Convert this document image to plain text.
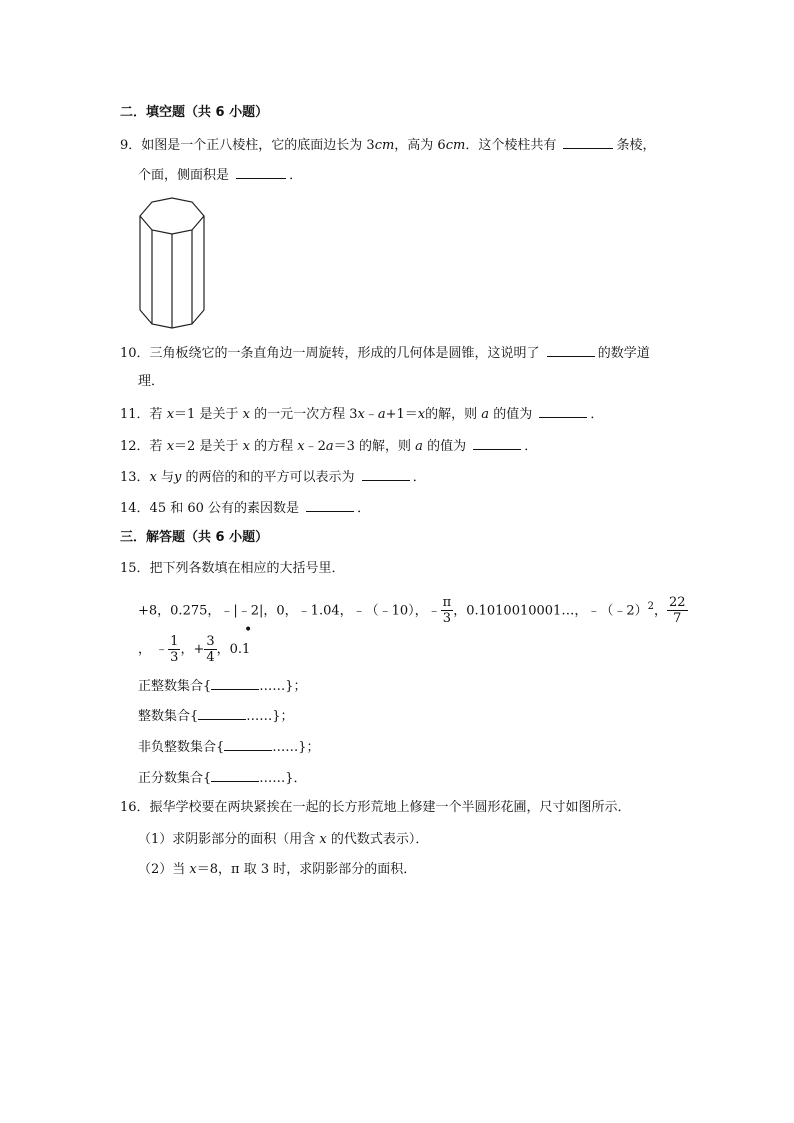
二．填空题（共 6 小题）
9．如图是一个正八棱柱，它的底面边长为 3cm，高为 6cm．这个棱柱共有	条棱，
个面，侧面积是	．
10．三角板绕它的一条直角边一周旋转，形成的几何体是圆锥，这说明了	的数学道
理．
11．若 x＝1 是关于 x 的一元一次方程 3x﹣a+1＝x的解，则 a 的值为	．
12．若 x＝2 是关于 x 的方程 x﹣2a＝3 的解，则 a 的值为	．
13．x 与y 的两倍的和的平方可以表示为	．
14．45 和 60 公有的素因数是	．
三．解答题（共 6 小题）
15．把下列各数填在相应的大括号里．
+8，0.275，﹣|﹣2|，0，﹣1.04，﹣（﹣10），﹣ $\frac{\pi}{3}$ ，0.1010010001…，﹣（﹣2）$^2$， $\frac{22}{7}$
， ﹣ $\frac{1}{3}$ ，+ $\frac{3}{4}$ ，0.
•
1
正整数集合{	……}；
整数集合{	……}；
非负整数集合{	……}；
正分数集合{	……}．
16．振华学校要在两块紧挨在一起的长方形荒地上修建一个半圆形花圃，尺寸如图所示．
（1）求阴影部分的面积（用含 x 的代数式表示）．
（2）当 x＝8，π 取 3 时，求阴影部分的面积．
